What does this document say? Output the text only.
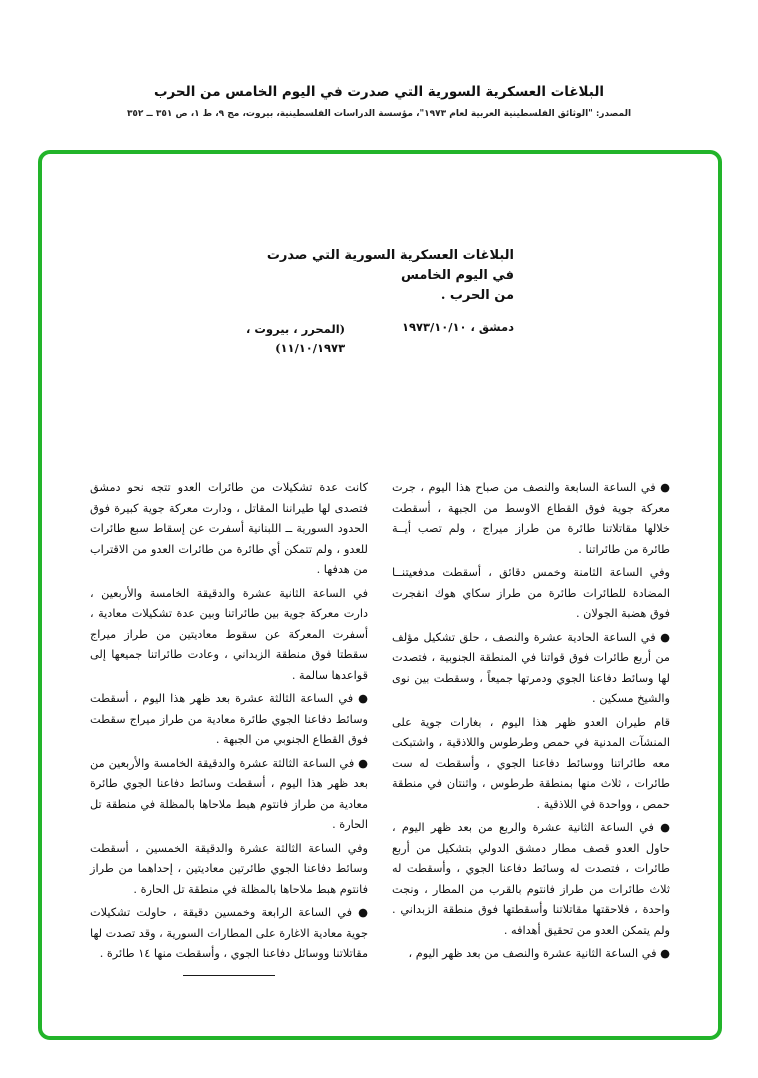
البلاغات العسكرية السورية التي صدرت في اليوم الخامس من الحرب
المصدر: "الوثائق الفلسطينية العربية لعام ١٩٧٣"، مؤسسة الدراسات الفلسطينية، بيروت، مج ٩، ط ١، ص ٣٥١ ــ ٣٥٢
البلاغات العسكرية السورية التي صدرت في اليوم الخامس
من الحرب .
دمشق ، ١٩٧٣/١٠/١٠
(المحرر ، بيروت ،
١١/١٠/١٩٧٣)

● في الساعة السابعة والنصف من صباح هذا اليوم ، جرت معركة جوية فوق القطاع الاوسط من الجبهة ، أسقطت خلالها مقاتلاتنا طائرة من طراز ميراج ، ولم تصب أيــة طائرة من طائراتنا .

وفي الساعة الثامنة وخمس دقائق ، أسقطت مدفعيتنــا المضادة للطائرات طائرة من طراز سكاي هوك انفجرت فوق هضبة الجولان .

● في الساعة الحادية عشرة والنصف ، حلق تشكيل مؤلف من أربع طائرات فوق قواتنا في المنطقة الجنوبية ، فتصدت لها وسائط دفاعنا الجوي ودمرتها جميعاً ، وسقطت بين نوى والشيخ مسكين .

قام طيران العدو ظهر هذا اليوم ، بغارات جوية على المنشآت المدنية في حمص وطرطوس واللاذقية ، واشتبكت معه طائراتنا ووسائط دفاعنا الجوي ، وأسقطت له ست طائرات ، ثلاث منها بمنطقة طرطوس ، واثنتان في منطقة حمص ، وواحدة في اللاذقية .

● في الساعة الثانية عشرة والربع من بعد ظهر اليوم ، حاول العدو قصف مطار دمشق الدولي بتشكيل من أربع طائرات ، فتصدت له وسائط دفاعنا الجوي ، وأسقطت له ثلاث طائرات من طراز فانتوم بالقرب من المطار ، ونجت واحدة ، فلاحقتها مقاتلاتنا وأسقطتها فوق منطقة الزبداني . ولم يتمكن العدو من تحقيق أهدافه .

● في الساعة الثانية عشرة والنصف من بعد ظهر اليوم ،

كانت عدة تشكيلات من طائرات العدو تتجه نحو دمشق فتصدى لها طيراننا المقاتل ، ودارت معركة جوية كبيرة فوق الحدود السورية ــ اللبنانية أسفرت عن إسقاط سبع طائرات للعدو ، ولم تتمكن أي طائرة من طائرات العدو من الاقتراب من هدفها .

في الساعة الثانية عشرة والدقيقة الخامسة والأربعين ، دارت معركة جوية بين طائراتنا وبين عدة تشكيلات معادية ، أسفرت المعركة عن سقوط معاديتين من طراز ميراج سقطتا فوق منطقة الزبداني ، وعادت طائراتنا جميعها إلى قواعدها سالمة .

● في الساعة الثالثة عشرة بعد ظهر هذا اليوم ، أسقطت وسائط دفاعنا الجوي طائرة معادية من طراز ميراج سقطت فوق القطاع الجنوبي من الجبهة .

● في الساعة الثالثة عشرة والدقيقة الخامسة والأربعين من بعد ظهر هذا اليوم ، أسقطت وسائط دفاعنا الجوي طائرة معادية من طراز فانتوم هبط ملاحاها بالمظلة في منطقة تل الحارة .

وفي الساعة الثالثة عشرة والدقيقة الخمسين ، أسقطت وسائط دفاعنا الجوي طائرتين معاديتين ، إحداهما من طراز فانتوم هبط ملاحاها بالمظلة في منطقة تل الحارة .

● في الساعة الرابعة وخمسين دقيقة ، حاولت تشكيلات جوية معادية الاغارة على المطارات السورية ، وقد تصدت لها مقاتلاتنا ووسائل دفاعنا الجوي ، وأسقطت منها ١٤ طائرة .
